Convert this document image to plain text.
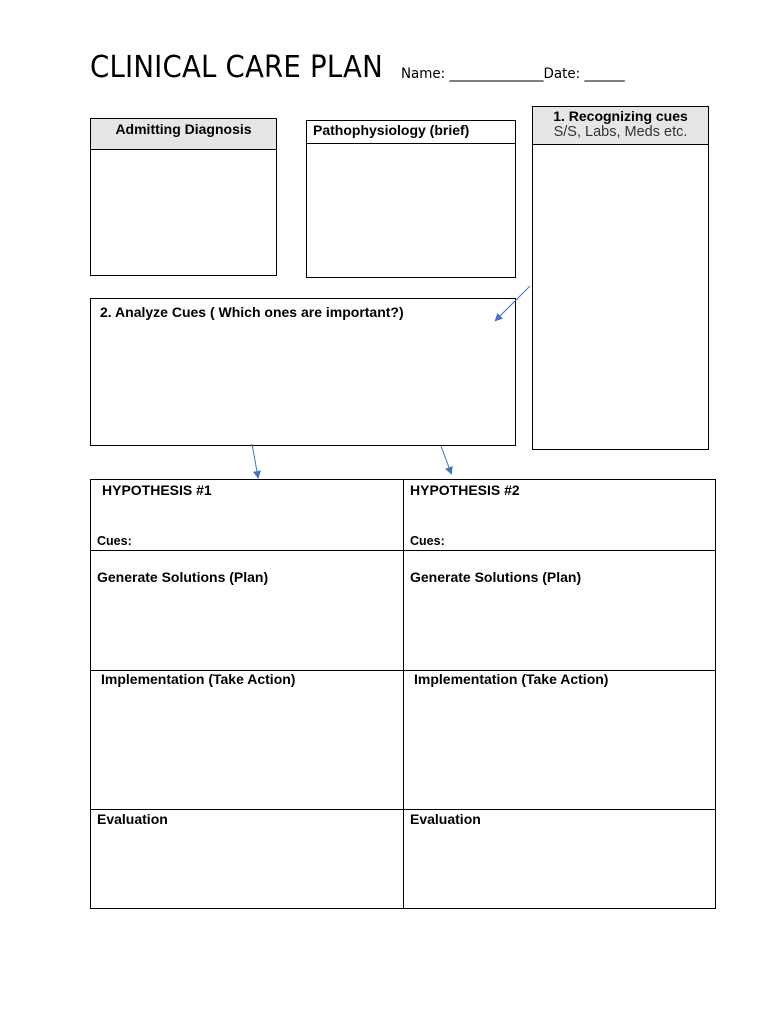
CLINICAL CARE PLAN Name: ______________Date: ______
Admitting Diagnosis	Pathophysiology (brief)
1. Recognizing cues
S/S, Labs, Meds etc.
2. Analyze Cues ( Which ones are important?)
HYPOTHESIS #1
Cues:
Generate Solutions (Plan)
Implementation (Take Action)
Evaluation
HYPOTHESIS #2
Cues:
Generate Solutions (Plan)
Implementation (Take Action)
Evaluation
